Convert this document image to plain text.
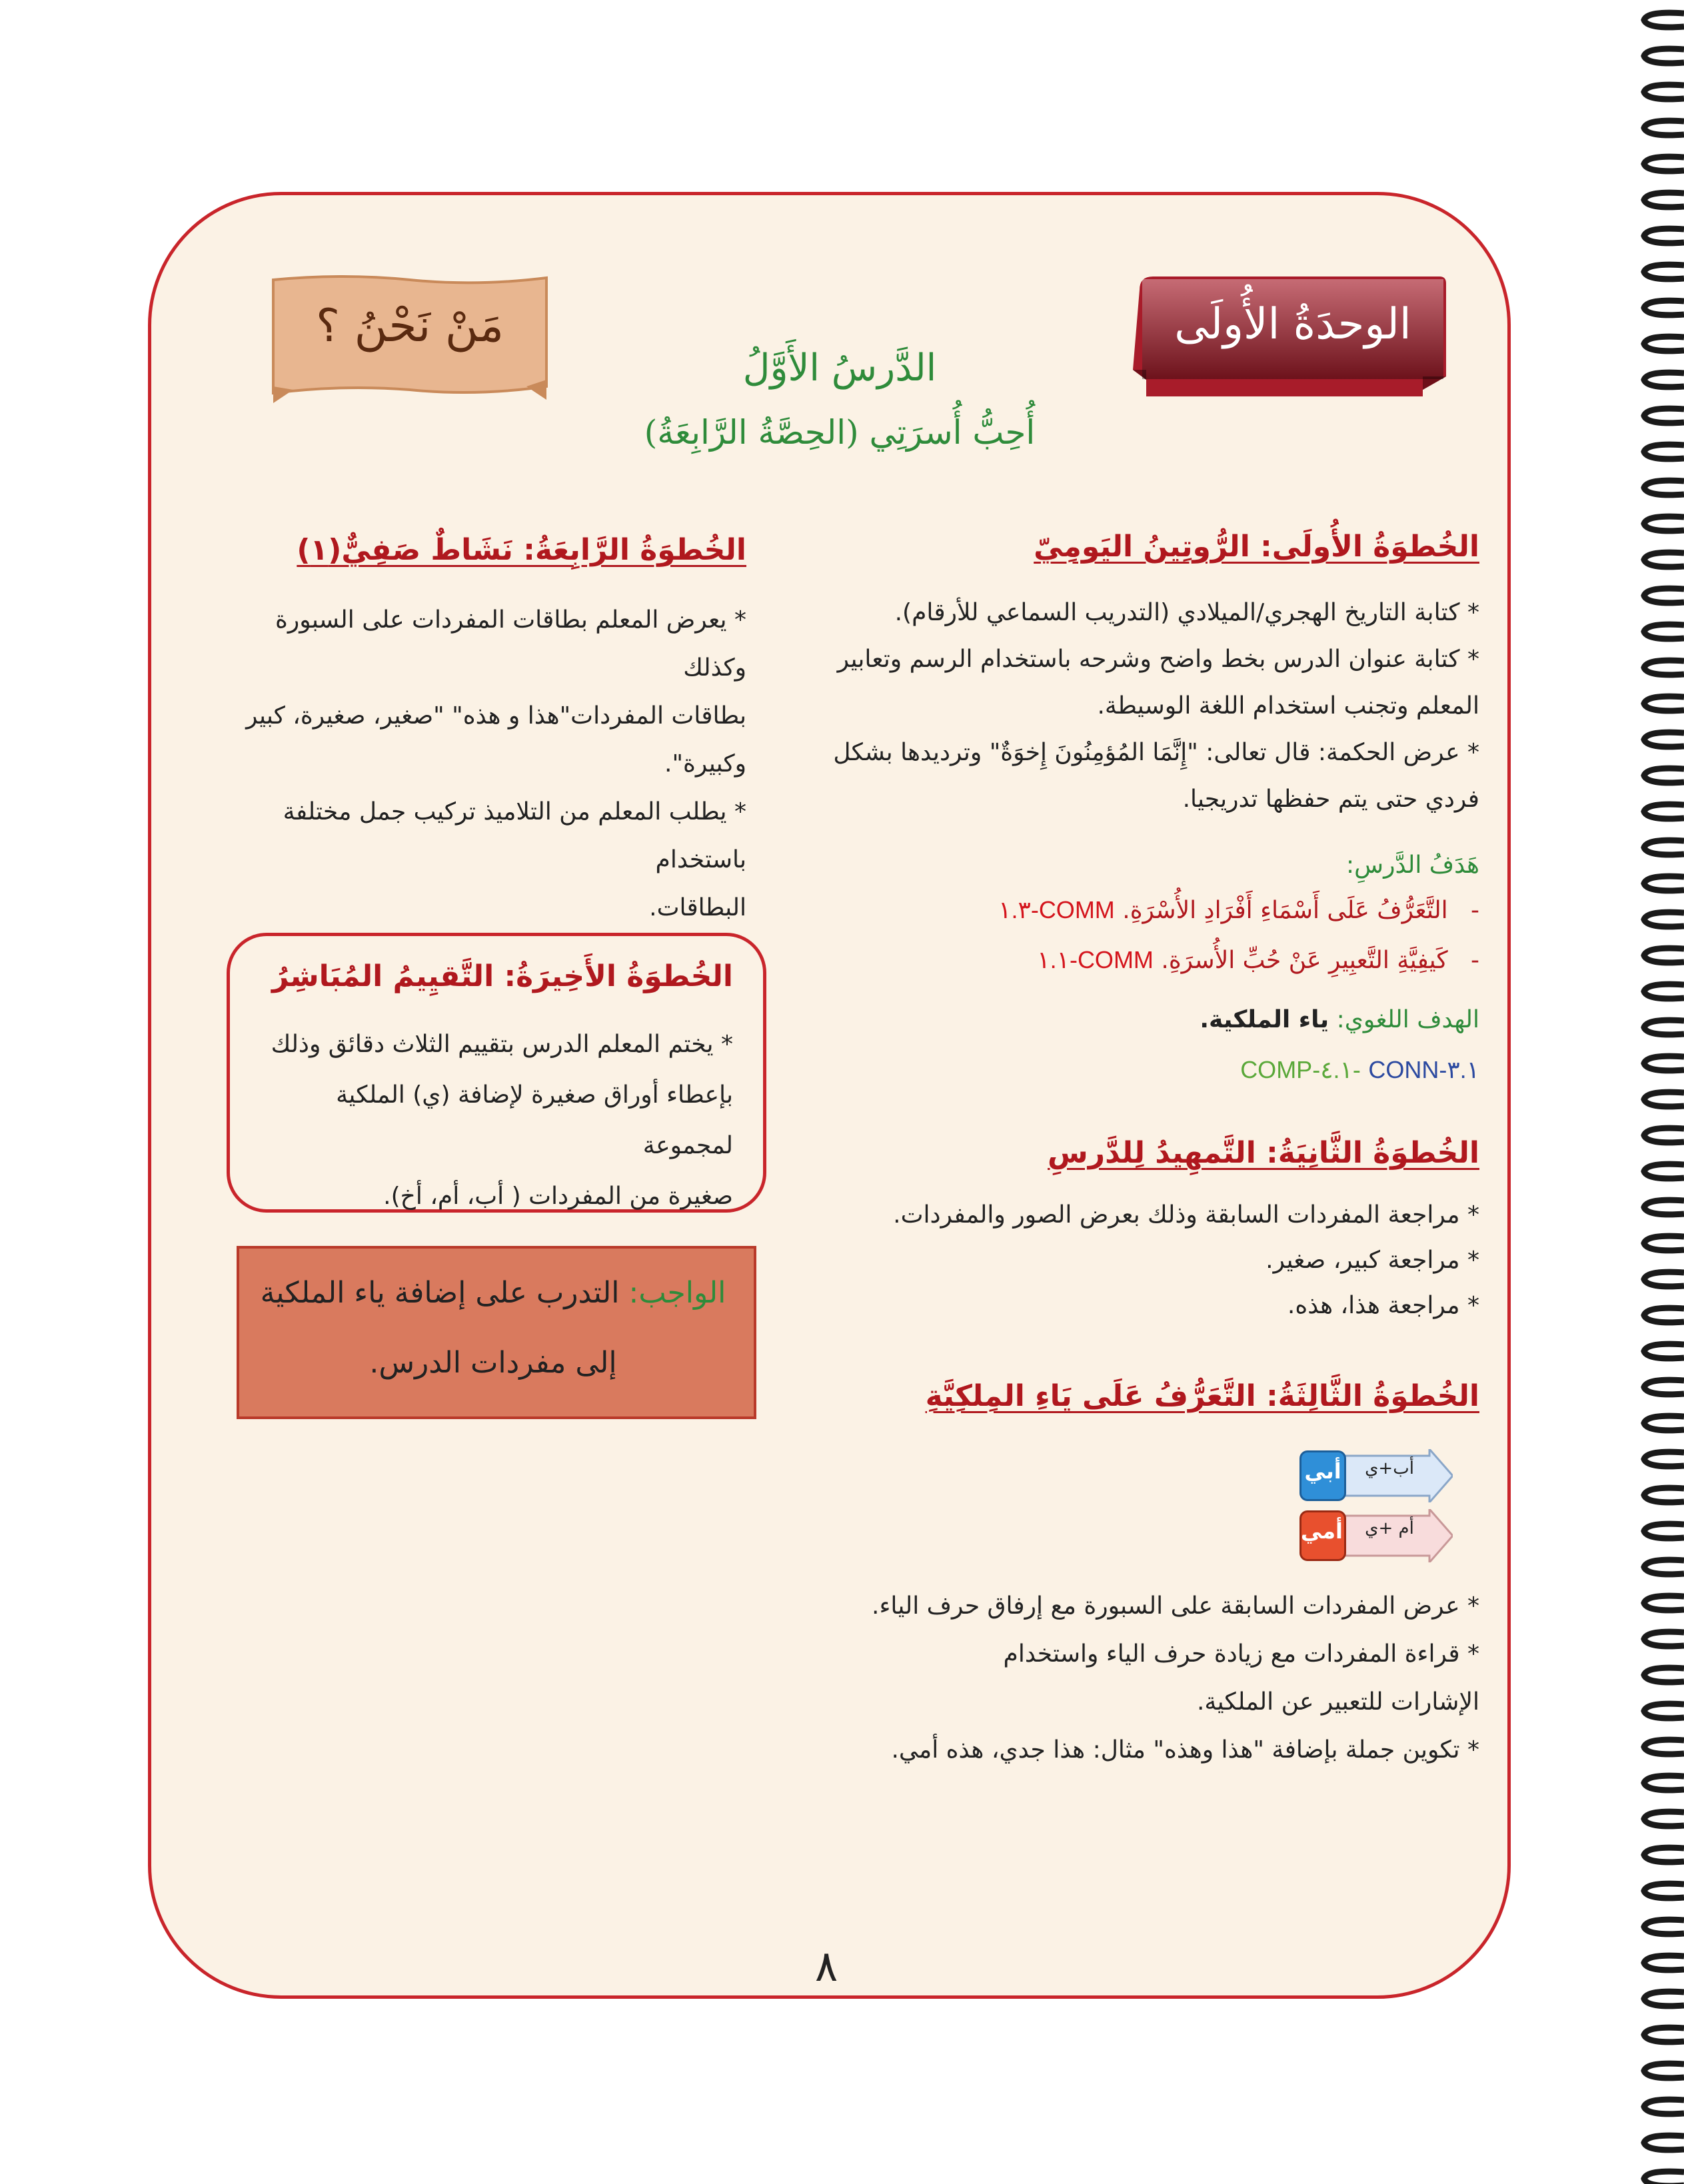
الوحدَةُ الأُولَى
مَنْ نَحْنُ ؟
الدَّرسُ الأَوَّلُ
أُحِبُّ أُسرَتِي (الحِصَّةُ الرَّابِعَةُ)
الخُطوَةُ الأُولَى: الرُّوتِينُ اليَومِيّ
* كتابة التاريخ الهجري/الميلادي (التدريب السماعي للأرقام).
* كتابة عنوان الدرس بخط واضح وشرحه باستخدام الرسم وتعابير
المعلم وتجنب استخدام اللغة الوسيطة.
* عرض الحكمة: قال تعالى: "إِنَّمَا المُؤمِنُونَ إِخوَةٌ" وترديدها بشكل
فردي حتى يتم حفظها تدريجيا.
هَدَفُ الدَّرسِ:
-   التَّعَرُّفُ عَلَى أَسْمَاءِ أَفْرَادِ الأُسْرَةِ. COMM-١.٣
-   كَيفِيَّةِ التَّعبِيرِ عَنْ حُبِّ الأُسرَةِ. COMM-١.١
الهدف اللغوي: ياء الملكية.
COMP-٤.١- CONN-٣.١
الخُطوَةُ الثَّانِيَةُ: التَّمهِيدُ لِلدَّرسِ
* مراجعة المفردات السابقة وذلك بعرض الصور والمفردات.
* مراجعة كبير، صغير.
* مراجعة هذا، هذه.
الخُطوَةُ الثَّالِثَةُ: التَّعَرُّفُ عَلَى يَاءِ المِلكِيَّةِ
أبي	أب+ي
أمي	أم +ي
* عرض المفردات السابقة على السبورة مع إرفاق حرف الياء.
* قراءة المفردات مع زيادة حرف الياء واستخدام
الإشارات للتعبير عن الملكية.
* تكوين جملة بإضافة "هذا وهذه" مثال: هذا جدي، هذه أمي.
الخُطوَةُ الرَّابِعَةُ: نَشَاطٌ صَفِيٌّ(١)
* يعرض المعلم بطاقات المفردات على السبورة وكذلك
بطاقات المفردات"هذا و هذه" "صغير، صغيرة، كبير
وكبيرة".
* يطلب المعلم من التلاميذ تركيب جمل مختلفة باستخدام
البطاقات.
الخُطوَةُ الأَخِيرَةُ: التَّقيِيمُ المُبَاشِرُ
* يختم المعلم الدرس بتقييم الثلاث دقائق وذلك
بإعطاء أوراق صغيرة لإضافة (ي) الملكية لمجموعة
صغيرة من المفردات ( أب، أم، أخ).
الواجب: التدرب على إضافة ياء الملكية
إلى مفردات الدرس.
٨
